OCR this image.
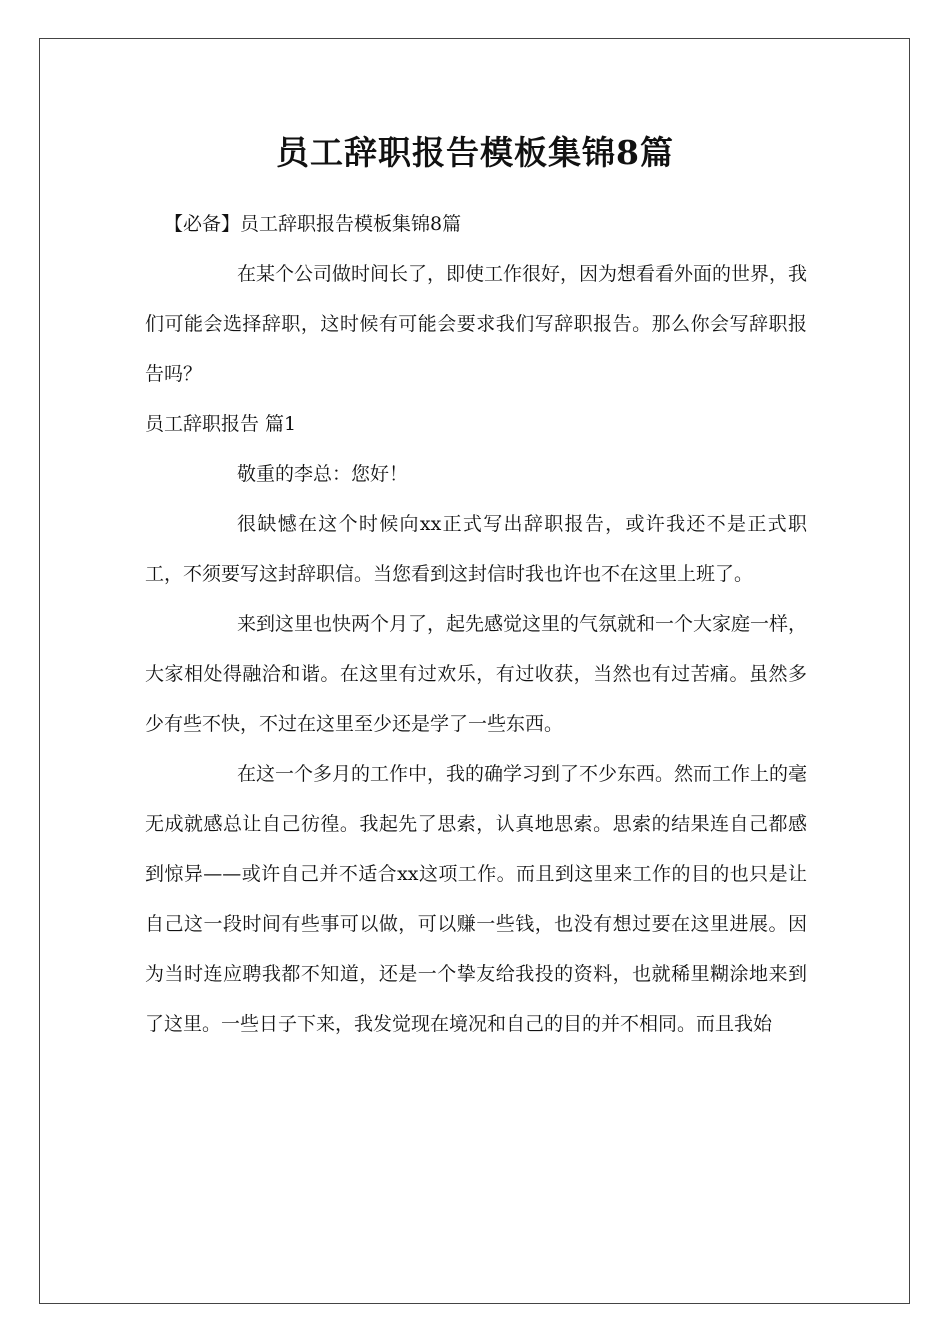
员工辞职报告模板集锦8篇

【必备】员工辞职报告模板集锦8篇

在某个公司做时间长了，即使工作很好，因为想看看外面的世界，我们可能会选择辞职，这时候有可能会要求我们写辞职报告。那么你会写辞职报告吗？

员工辞职报告 篇1

敬重的李总：您好！

很缺憾在这个时候向xx正式写出辞职报告，或许我还不是正式职工，不须要写这封辞职信。当您看到这封信时我也许也不在这里上班了。

来到这里也快两个月了，起先感觉这里的气氛就和一个大家庭一样，大家相处得融洽和谐。在这里有过欢乐，有过收获，当然也有过苦痛。虽然多少有些不快，不过在这里至少还是学了一些东西。

在这一个多月的工作中，我的确学习到了不少东西。然而工作上的毫无成就感总让自己彷徨。我起先了思索，认真地思索。思索的结果连自己都感到惊异——或许自己并不适合xx这项工作。而且到这里来工作的目的也只是让自己这一段时间有些事可以做，可以赚一些钱，也没有想过要在这里进展。因为当时连应聘我都不知道，还是一个挚友给我投的资料，也就稀里糊涂地来到了这里。一些日子下来，我发觉现在境况和自己的目的并不相同。而且我始
